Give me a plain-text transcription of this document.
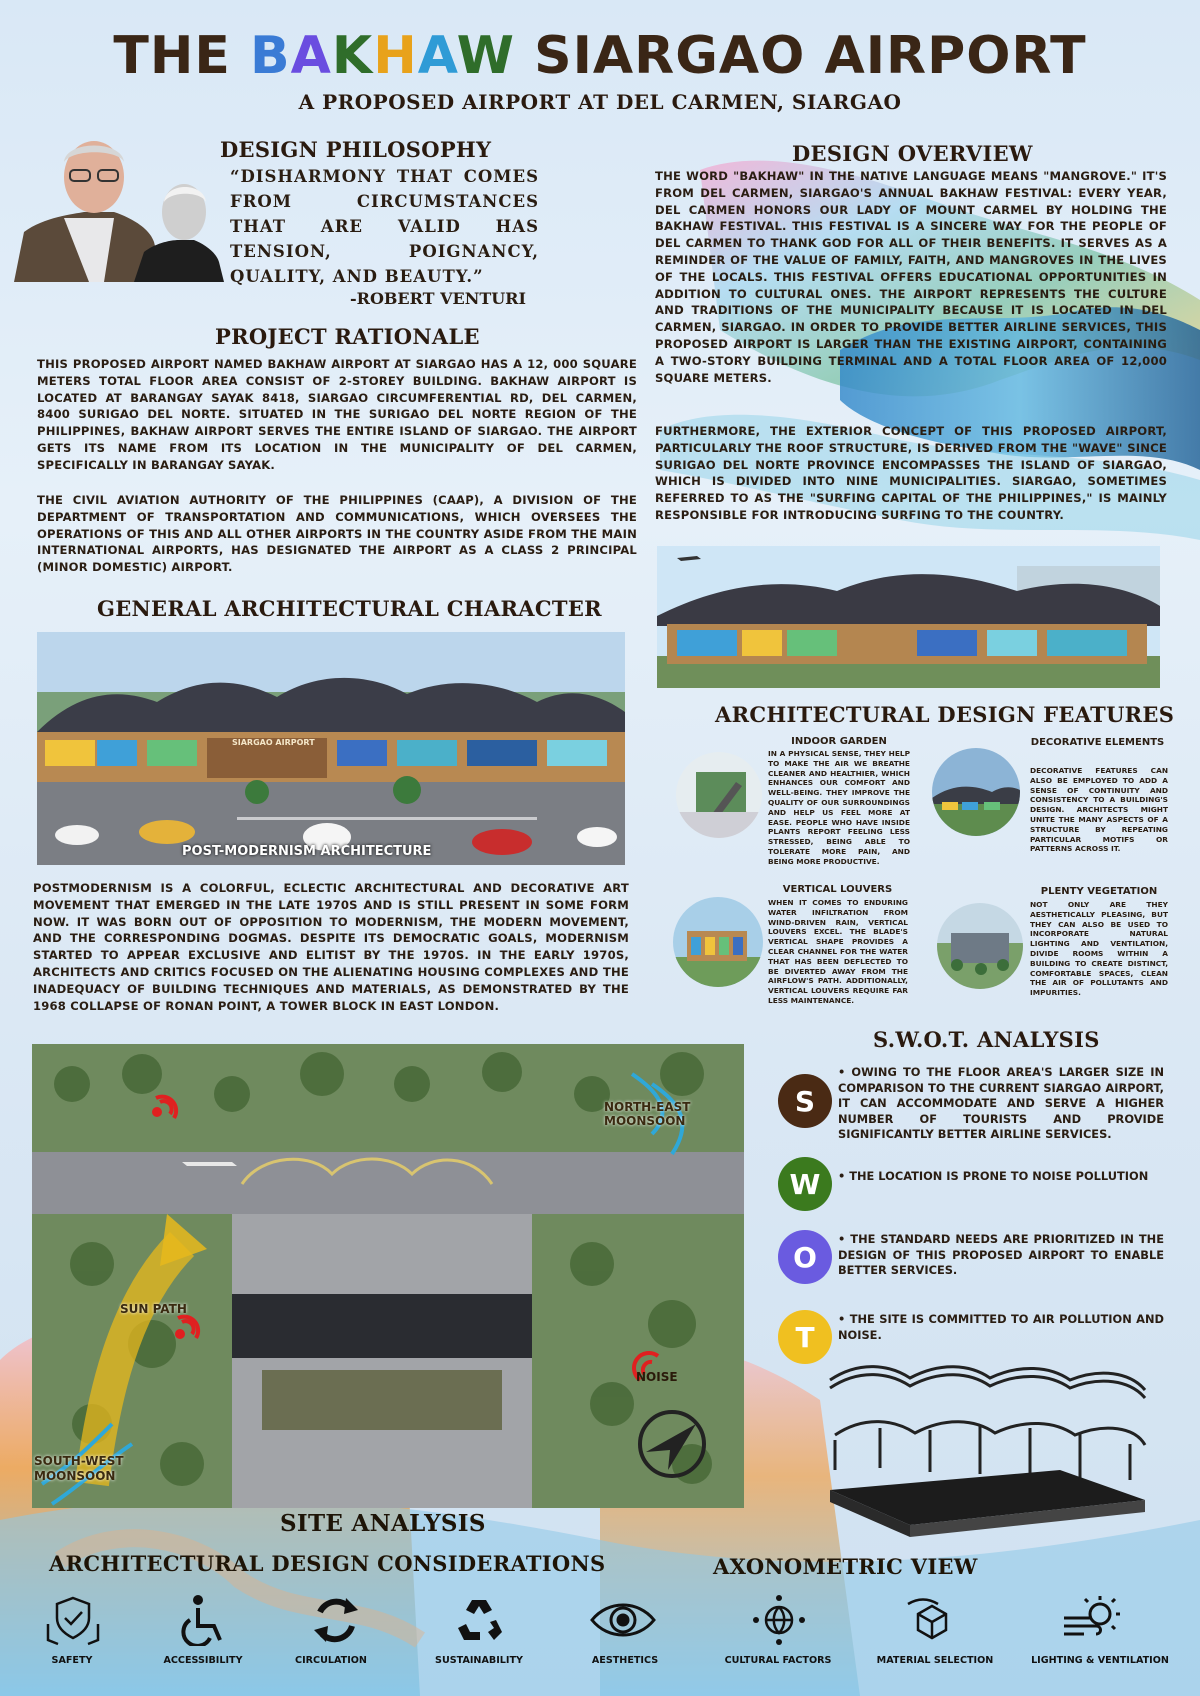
THE BAKHAW SIARGAO AIRPORT
A PROPOSED AIRPORT AT DEL CARMEN, SIARGAO
DESIGN PHILOSOPHY
“DISHARMONY THAT COMES FROM CIRCUMSTANCES THAT ARE VALID HAS TENSION, POIGNANCY, QUALITY, AND BEAUTY.”
-ROBERT VENTURI
PROJECT RATIONALE
THIS PROPOSED AIRPORT NAMED BAKHAW AIRPORT AT SIARGAO HAS A 12, 000 SQUARE METERS TOTAL FLOOR AREA CONSIST OF 2-STOREY BUILDING. BAKHAW AIRPORT IS LOCATED AT BARANGAY SAYAK 8418, SIARGAO CIRCUMFERENTIAL RD, DEL CARMEN, 8400 SURIGAO DEL NORTE. SITUATED IN THE SURIGAO DEL NORTE REGION OF THE PHILIPPINES, BAKHAW AIRPORT SERVES THE ENTIRE ISLAND OF SIARGAO. THE AIRPORT GETS ITS NAME FROM ITS LOCATION IN THE MUNICIPALITY OF DEL CARMEN, SPECIFICALLY IN BARANGAY SAYAK.
THE CIVIL AVIATION AUTHORITY OF THE PHILIPPINES (CAAP), A DIVISION OF THE DEPARTMENT OF TRANSPORTATION AND COMMUNICATIONS, WHICH OVERSEES THE OPERATIONS OF THIS AND ALL OTHER AIRPORTS IN THE COUNTRY ASIDE FROM THE MAIN INTERNATIONAL AIRPORTS, HAS DESIGNATED THE AIRPORT AS A CLASS 2 PRINCIPAL (MINOR DOMESTIC) AIRPORT.
DESIGN OVERVIEW
THE WORD "BAKHAW" IN THE NATIVE LANGUAGE MEANS "MANGROVE." IT'S FROM DEL CARMEN, SIARGAO'S ANNUAL BAKHAW FESTIVAL: EVERY YEAR, DEL CARMEN HONORS OUR LADY OF MOUNT CARMEL BY HOLDING THE BAKHAW FESTIVAL. THIS FESTIVAL IS A SINCERE WAY FOR THE PEOPLE OF DEL CARMEN TO THANK GOD FOR ALL OF THEIR BENEFITS. IT SERVES AS A REMINDER OF THE VALUE OF FAMILY, FAITH, AND MANGROVES IN THE LIVES OF THE LOCALS. THIS FESTIVAL OFFERS EDUCATIONAL OPPORTUNITIES IN ADDITION TO CULTURAL ONES. THE AIRPORT REPRESENTS THE CULTURE AND TRADITIONS OF THE MUNICIPALITY BECAUSE IT IS LOCATED IN DEL CARMEN, SIARGAO. IN ORDER TO PROVIDE BETTER AIRLINE SERVICES, THIS PROPOSED AIRPORT IS LARGER THAN THE EXISTING AIRPORT, CONTAINING A TWO-STORY BUILDING TERMINAL AND A TOTAL FLOOR AREA OF 12,000 SQUARE METERS.
FURTHERMORE, THE EXTERIOR CONCEPT OF THIS PROPOSED AIRPORT, PARTICULARLY THE ROOF STRUCTURE, IS DERIVED FROM THE "WAVE" SINCE SURIGAO DEL NORTE PROVINCE ENCOMPASSES THE ISLAND OF SIARGAO, WHICH IS DIVIDED INTO NINE MUNICIPALITIES. SIARGAO, SOMETIMES REFERRED TO AS THE "SURFING CAPITAL OF THE PHILIPPINES," IS MAINLY RESPONSIBLE FOR INTRODUCING SURFING TO THE COUNTRY.
GENERAL ARCHITECTURAL CHARACTER
SIARGAO AIRPORT
POST-MODERNISM ARCHITECTURE
POSTMODERNISM IS A COLORFUL, ECLECTIC ARCHITECTURAL AND DECORATIVE ART MOVEMENT THAT EMERGED IN THE LATE 1970S AND IS STILL PRESENT IN SOME FORM NOW. IT WAS BORN OUT OF OPPOSITION TO MODERNISM, THE MODERN MOVEMENT, AND THE CORRESPONDING DOGMAS. DESPITE ITS DEMOCRATIC GOALS, MODERNISM STARTED TO APPEAR EXCLUSIVE AND ELITIST BY THE 1970S. IN THE EARLY 1970S, ARCHITECTS AND CRITICS FOCUSED ON THE ALIENATING HOUSING COMPLEXES AND THE INADEQUACY OF BUILDING TECHNIQUES AND MATERIALS, AS DEMONSTRATED BY THE 1968 COLLAPSE OF RONAN POINT, A TOWER BLOCK IN EAST LONDON.
ARCHITECTURAL DESIGN FEATURES
INDOOR GARDEN
IN A PHYSICAL SENSE, THEY HELP TO MAKE THE AIR WE BREATHE CLEANER AND HEALTHIER, WHICH ENHANCES OUR COMFORT AND WELL-BEING. THEY IMPROVE THE QUALITY OF OUR SURROUNDINGS AND HELP US FEEL MORE AT EASE. PEOPLE WHO HAVE INSIDE PLANTS REPORT FEELING LESS STRESSED, BEING ABLE TO TOLERATE MORE PAIN, AND BEING MORE PRODUCTIVE.
DECORATIVE ELEMENTS
DECORATIVE FEATURES CAN ALSO BE EMPLOYED TO ADD A SENSE OF CONTINUITY AND CONSISTENCY TO A BUILDING'S DESIGN. ARCHITECTS MIGHT UNITE THE MANY ASPECTS OF A STRUCTURE BY REPEATING PARTICULAR MOTIFS OR PATTERNS ACROSS IT.
VERTICAL LOUVERS
WHEN IT COMES TO ENDURING WATER INFILTRATION FROM WIND-DRIVEN RAIN, VERTICAL LOUVERS EXCEL. THE BLADE'S VERTICAL SHAPE PROVIDES A CLEAR CHANNEL FOR THE WATER THAT HAS BEEN DEFLECTED TO BE DIVERTED AWAY FROM THE AIRFLOW'S PATH. ADDITIONALLY, VERTICAL LOUVERS REQUIRE FAR LESS MAINTENANCE.
PLENTY VEGETATION
NOT ONLY ARE THEY AESTHETICALLY PLEASING, BUT THEY CAN ALSO BE USED TO INCORPORATE NATURAL LIGHTING AND VENTILATION, DIVIDE ROOMS WITHIN A BUILDING TO CREATE DISTINCT, COMFORTABLE SPACES, CLEAN THE AIR OF POLLUTANTS AND IMPURITIES.
NORTH-EAST MOONSOON
SUN PATH
NOISE
SOUTH-WEST MOONSOON
SITE ANALYSIS
S.W.O.T. ANALYSIS
S
• OWING TO THE FLOOR AREA'S LARGER SIZE IN COMPARISON TO THE CURRENT SIARGAO AIRPORT, IT CAN ACCOMMODATE AND SERVE A HIGHER NUMBER OF TOURISTS AND PROVIDE SIGNIFICANTLY BETTER AIRLINE SERVICES.
W	• THE LOCATION IS PRONE TO NOISE POLLUTION
O
• THE STANDARD NEEDS ARE PRIORITIZED IN THE DESIGN OF THIS PROPOSED AIRPORT TO ENABLE BETTER SERVICES.
T
• THE SITE IS COMMITTED TO AIR POLLUTION AND NOISE.
AXONOMETRIC VIEW
ARCHITECTURAL DESIGN CONSIDERATIONS
SAFETY	ACCESSIBILITY	CIRCULATION	SUSTAINABILITY	AESTHETICS	CULTURAL FACTORS	MATERIAL SELECTION	LIGHTING & VENTILATION
